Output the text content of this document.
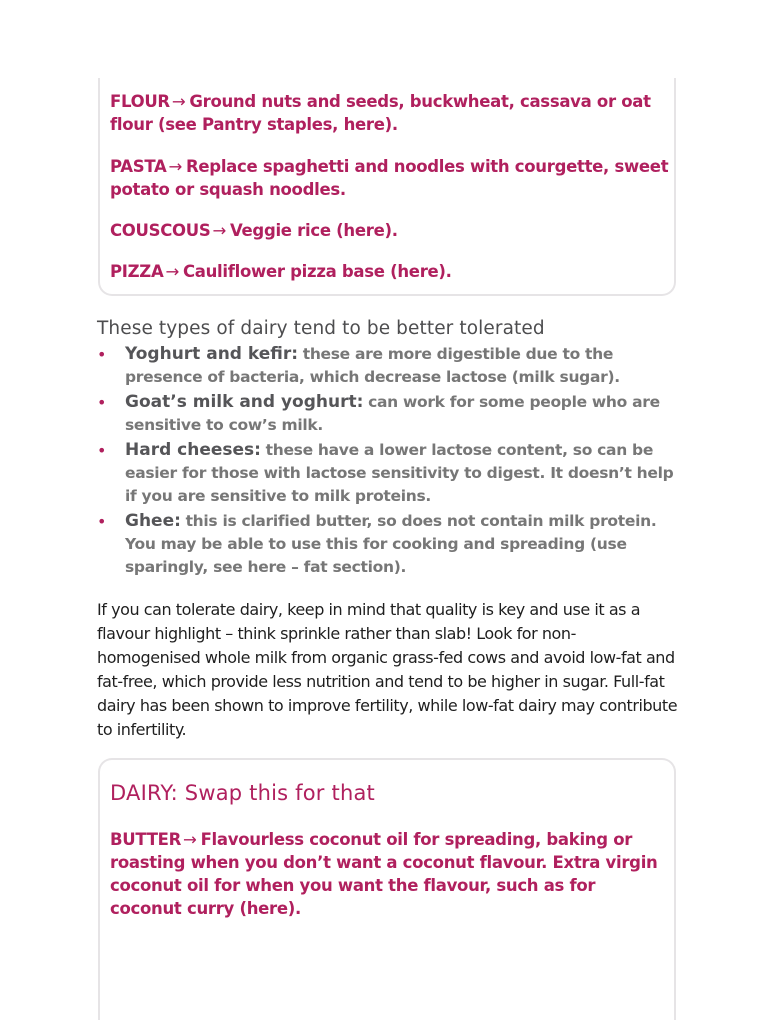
FLOUR → Ground nuts and seeds, buckwheat, cassava or oat flour (see Pantry staples, here).

PASTA → Replace spaghetti and noodles with courgette, sweet potato or squash noodles.

COUSCOUS → Veggie rice (here).

PIZZA → Cauliflower pizza base (here).

These types of dairy tend to be better tolerated
• Yoghurt and kefir: these are more digestible due to the presence of bacteria, which decrease lactose (milk sugar).
• Goat’s milk and yoghurt: can work for some people who are sensitive to cow’s milk.
• Hard cheeses: these have a lower lactose content, so can be easier for those with lactose sensitivity to digest. It doesn’t help if you are sensitive to milk proteins.
• Ghee: this is clarified butter, so does not contain milk protein. You may be able to use this for cooking and spreading (use sparingly, see here – fat section).

If you can tolerate dairy, keep in mind that quality is key and use it as a flavour highlight – think sprinkle rather than slab! Look for non-homogenised whole milk from organic grass-fed cows and avoid low-fat and fat-free, which provide less nutrition and tend to be higher in sugar. Full-fat dairy has been shown to improve fertility, while low-fat dairy may contribute to infertility.

DAIRY: Swap this for that

BUTTER → Flavourless coconut oil for spreading, baking or roasting when you don’t want a coconut flavour. Extra virgin coconut oil for when you want the flavour, such as for coconut curry (here).
